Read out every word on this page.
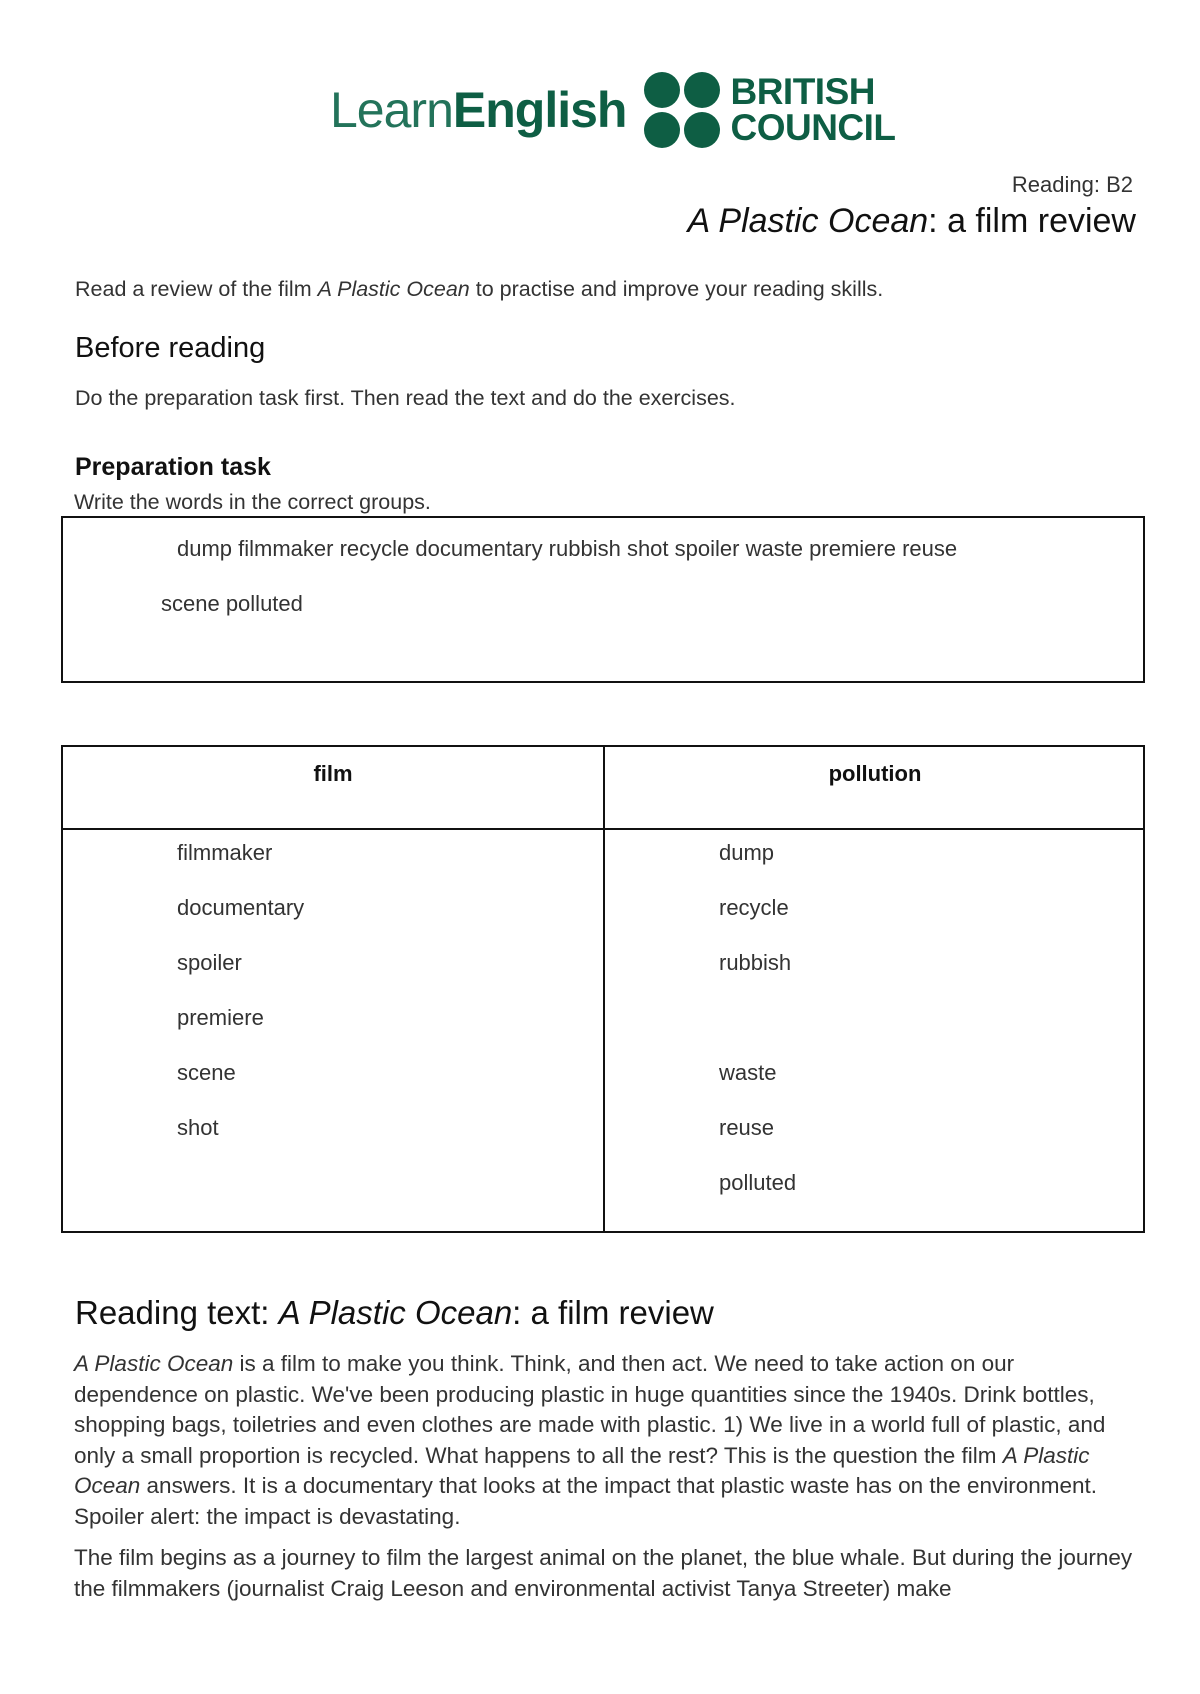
LearnEnglish	BRITISH
COUNCIL
Reading: B2
A Plastic Ocean: a film review

Read a review of the film A Plastic Ocean to practise and improve your reading skills.

Before reading

Do the preparation task first. Then read the text and do the exercises.

Preparation task

Write the words in the correct groups.

dump filmmaker recycle documentary rubbish shot spoiler waste premiere reuse
scene polluted
film	pollution
filmmaker
documentary
spoiler
premiere
scene
shot
dump
recycle
rubbish
waste
reuse
polluted
Reading text: A Plastic Ocean: a film review

A Plastic Ocean is a film to make you think. Think, and then act. We need to take action on our dependence on plastic. We've been producing plastic in huge quantities since the 1940s. Drink bottles, shopping bags, toiletries and even clothes are made with plastic. 1) We live in a world full of plastic, and only a small proportion is recycled. What happens to all the rest? This is the question the film A Plastic Ocean answers. It is a documentary that looks at the impact that plastic waste has on the environment. Spoiler alert: the impact is devastating.

The film begins as a journey to film the largest animal on the planet, the blue whale. But during the journey the filmmakers (journalist Craig Leeson and environmental activist Tanya Streeter) make
